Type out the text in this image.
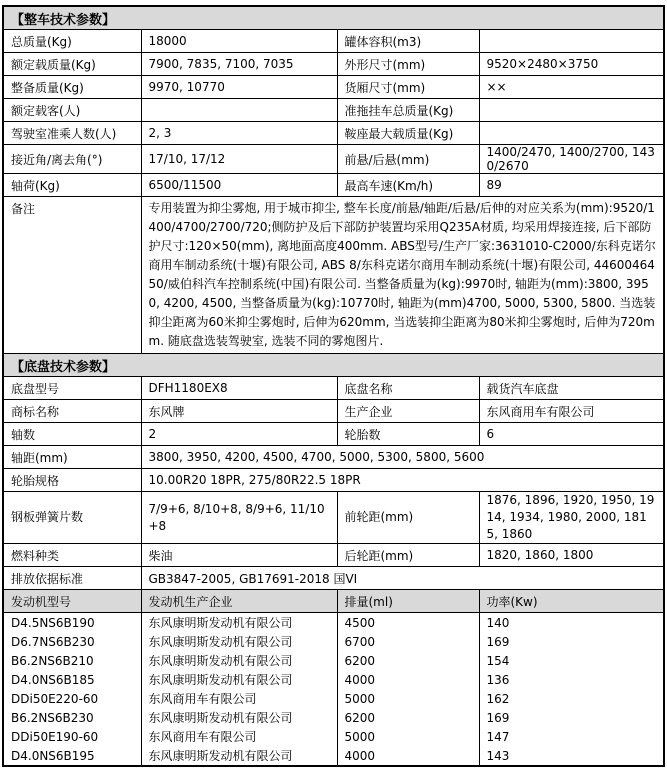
【整车技术参数】			
总质量(Kg)	18000	罐体容积(m3)	
额定载质量(Kg)	7900, 7835, 7100, 7035	外形尺寸(mm)	9520×2480×3750
整备质量(Kg)	9970, 10770	货厢尺寸(mm)	××
额定载客(人)		准拖挂车总质量(Kg)	
驾驶室准乘人数(人)	2, 3	鞍座最大载质量(Kg)	
接近角/离去角(°)	17/10, 17/12	前悬/后悬(mm)	1400/2470, 1400/2700, 1430/2670
轴荷(Kg)	6500/11500	最高车速(Km/h)	89
备注	专用装置为抑尘雾炮, 用于城市抑尘, 整车长度/前悬/轴距/后悬/后伸的对应关系为(mm):9520/1400/4700/2700/720;侧防护及后下部防护装置均采用Q235A材质, 均采用焊接连接, 后下部防护尺寸:120×50(mm), 离地面高度400mm. ABS型号/生产厂家:3631010-C2000/东科克诺尔商用车制动系统(十堰)有限公司, ABS 8/东科克诺尔商用车制动系统(十堰)有限公司, 4460046450/威伯科汽车控制系统(中国)有限公司. 当整备质量为(kg):9970时, 轴距为(mm):3800, 3950, 4200, 4500, 当整备质量为(kg):10770时, 轴距为(mm)4700, 5000, 5300, 5800. 当选装抑尘距离为60米抑尘雾炮时, 后伸为620mm, 当选装抑尘距离为80米抑尘雾炮时, 后伸为720mm. 随底盘选装驾驶室, 选装不同的雾炮图片.		
【底盘技术参数】			
底盘型号	DFH1180EX8	底盘名称	载货汽车底盘
商标名称	东风牌	生产企业	东风商用车有限公司
轴数	2	轮胎数	6
轴距(mm)	3800, 3950, 4200, 4500, 4700, 5000, 5300, 5800, 5600		
轮胎规格	10.00R20 18PR, 275/80R22.5 18PR		
钢板弹簧片数	7/9+6, 8/10+8, 8/9+6, 11/10+8	前轮距(mm)	1876, 1896, 1920, 1950, 1914, 1934, 1980, 2000, 1815, 1860
燃料种类	柴油	后轮距(mm)	1820, 1860, 1800
排放依据标准	GB3847-2005, GB17691-2018 国VI		
发动机型号	发动机生产企业	排量(ml)	功率(Kw)
D4.5NS6B190	东风康明斯发动机有限公司	4500	140
D6.7NS6B230	东风康明斯发动机有限公司	6700	169
B6.2NS6B210	东风康明斯发动机有限公司	6200	154
D4.0NS6B185	东风康明斯发动机有限公司	4000	136
DDi50E220-60	东风商用车有限公司	5000	162
B6.2NS6B230	东风康明斯发动机有限公司	6200	169
DDi50E190-60	东风商用车有限公司	5000	147
D4.0NS6B195	东风康明斯发动机有限公司	4000	143
